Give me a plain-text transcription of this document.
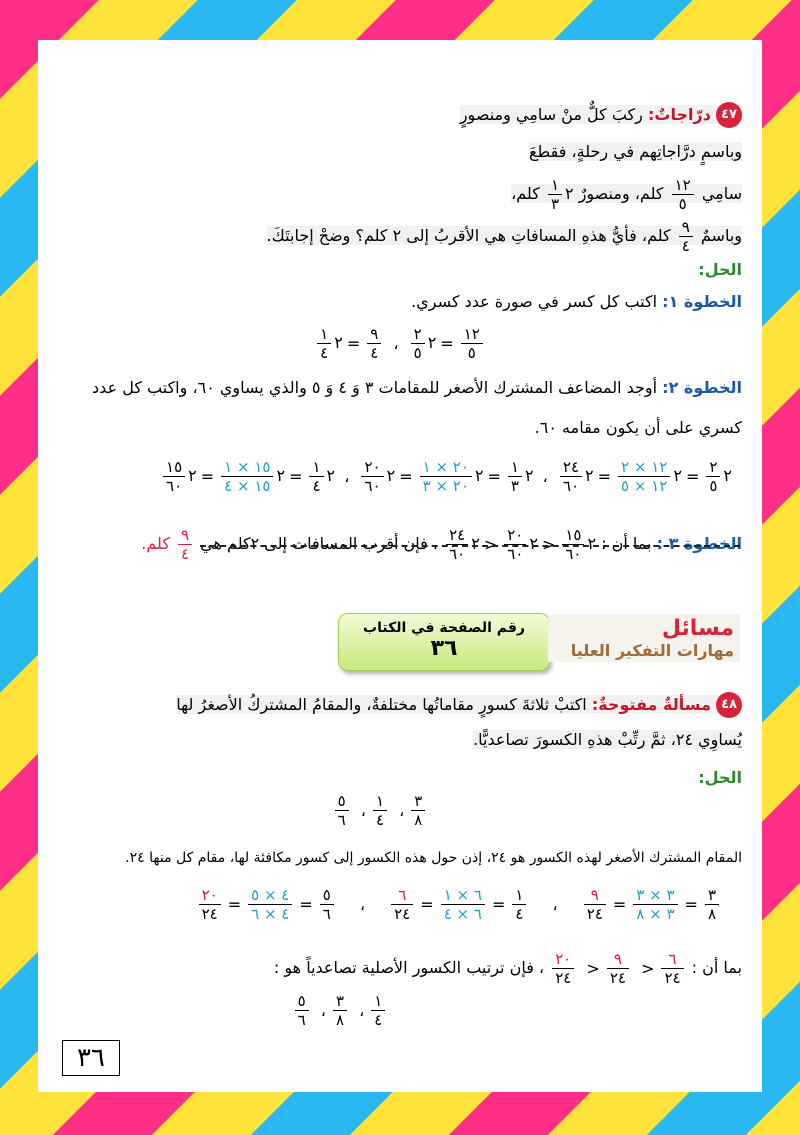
٤٧ درّاجاتٌ: ركبَ كلٌّ منْ سامِي ومنصورٍ
وباسمٍ درَّاجاتِهم في رحلةٍ، فقطعَ
سامِي
$\frac{١٢}{٥}$
كلم، ومنصورٌ ٢
$\frac{١}{٣}$
كلم،
وباسمٌ
$\frac{٩}{٤}$
كلم، فأيُّ هذهِ المسافاتِ هي الأقربُ إلى ٢ كلم؟ وضحْ إجابتَكَ.
الحل:
الخطوة ١: اكتب كل كسر في صورة عدد كسري.
$\frac{١٢}{٥}$
=٢
$\frac{٢}{٥}$
،
$\frac{٩}{٤}$
=٢
$\frac{١}{٤}$
الخطوة ٢: أوجد المضاعف المشترك الأصغر للمقامات ٣ وَ ٤ وَ ٥ والذي يساوي ٦٠، واكتب كل عدد
كسري على أن يكون مقامه ٦٠.
٢
$\frac{٢}{٥}$
=٢
$\frac{١٢ \times ٢}{١٢ \times ٥}$
=٢
$\frac{٢٤}{٦٠}$
، ٢
$\frac{١}{٣}$
=٢
$\frac{٢٠ \times ١}{٢٠ \times ٣}$
=٢
$\frac{٢٠}{٦٠}$
، ٢
$\frac{١}{٤}$
=٢
$\frac{١٥ \times ١}{١٥ \times ٤}$
=٢
$\frac{١٥}{٦٠}$
الخطوة ٣ : بما أن : ٢
$\frac{١٥}{٦٠}$
<٢
$\frac{٢٠}{٦٠}$
<٢
$\frac{٢٤}{٦٠}$
، فإن أقرب المسافات إلى ٢كلم هي
$\frac{٩}{٤}$
كلم.
رقم الصفحة في الكتاب
٣٦
مسائل
مهارات التفكير العليا
٤٨ مسألةٌ مفتوحةٌ: اكتبْ ثلاثةَ كسورٍ مقاماتُها مختلفةٌ، والمقامُ المشتركُ الأصغرُ لها
يُساوِي ٢٤، ثمَّ رتِّبْ هذهِ الكسورَ تصاعديًّا.
الحل:
$\frac{٣}{٨}$
،
$\frac{١}{٤}$
،
$\frac{٥}{٦}$
المقام المشترك الأصغر لهذه الكسور هو ٢٤، إذن حول هذه الكسور إلى كسور مكافئة لها، مقام كل منها ٢٤.
$\frac{٣}{٨}$
=
$\frac{٣ \times ٣}{٣ \times ٨}$
=
$\frac{٩}{٢٤}$
،
$\frac{١}{٤}$
=
$\frac{٦ \times ١}{٦ \times ٤}$
=
$\frac{٦}{٢٤}$
،
$\frac{٥}{٦}$
=
$\frac{٤ \times ٥}{٤ \times ٦}$
=
$\frac{٢٠}{٢٤}$
بما أن :
$\frac{٦}{٢٤}$
<
$\frac{٩}{٢٤}$
<
$\frac{٢٠}{٢٤}$
، فإن ترتيب الكسور الأصلية تصاعدياً هو :
$\frac{١}{٤}$
،
$\frac{٣}{٨}$
،
$\frac{٥}{٦}$
٣٦
